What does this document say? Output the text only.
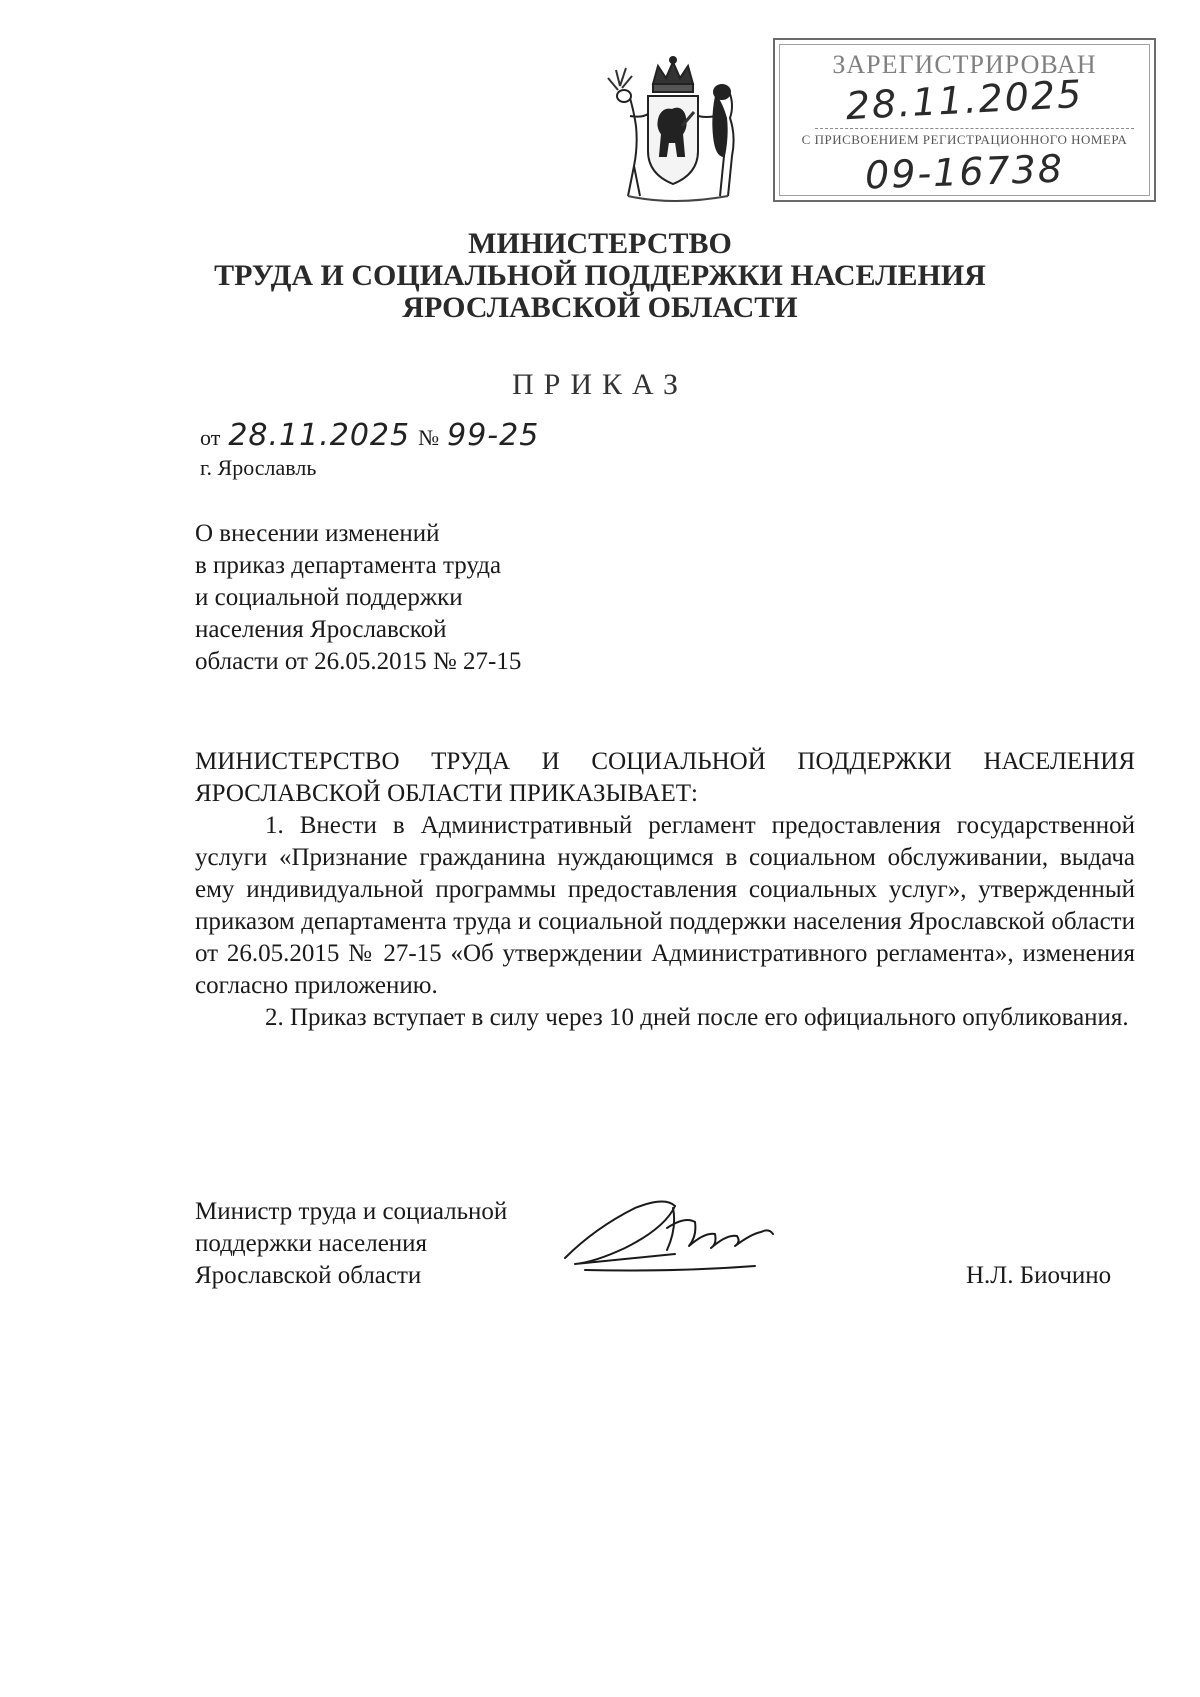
ЗАРЕГИСТРИРОВАН
28.11.2025
С ПРИСВОЕНИЕМ РЕГИСТРАЦИОННОГО НОМЕРА
09-16738
МИНИСТЕРСТВО
ТРУДА И СОЦИАЛЬНОЙ ПОДДЕРЖКИ НАСЕЛЕНИЯ
ЯРОСЛАВСКОЙ ОБЛАСТИ
ПРИКАЗ
от 28.11.2025 № 99-25
г. Ярославль
О внесении изменений
в приказ департамента труда
и социальной поддержки
населения Ярославской
области от 26.05.2015 № 27-15

МИНИСТЕРСТВО ТРУДА И СОЦИАЛЬНОЙ ПОДДЕРЖКИ НАСЕЛЕНИЯ ЯРОСЛАВСКОЙ ОБЛАСТИ ПРИКАЗЫВАЕТ:

1. Внести в Административный регламент предоставления государственной услуги «Признание гражданина нуждающимся в социальном обслуживании, выдача ему индивидуальной программы предоставления социальных услуг», утвержденный приказом департамента труда и социальной поддержки населения Ярославской области от 26.05.2015 № 27-15 «Об утверждении Административного регламента», изменения согласно приложению.

2. Приказ вступает в силу через 10 дней после его официального опубликования.

Министр труда и социальной
поддержки населения
Ярославской области	Н.Л. Биочино
